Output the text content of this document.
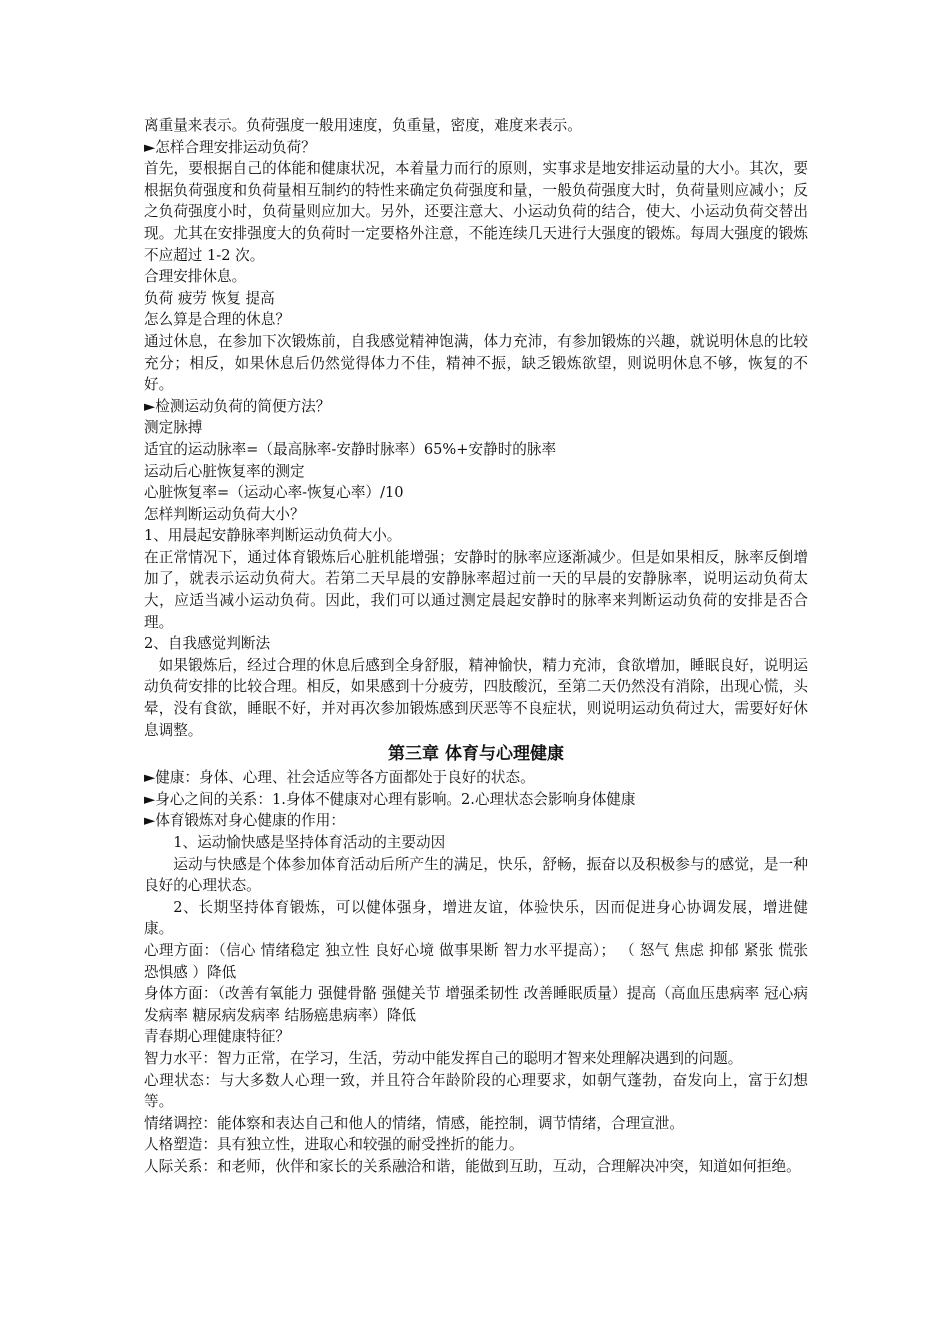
离重量来表示。负荷强度一般用速度，负重量，密度，难度来表示。

►怎样合理安排运动负荷？

首先，要根据自己的体能和健康状况，本着量力而行的原则，实事求是地安排运动量的大小。其次，要根据负荷强度和负荷量相互制约的特性来确定负荷强度和量，一般负荷强度大时，负荷量则应减小；反之负荷强度小时，负荷量则应加大。另外，还要注意大、小运动负荷的结合，使大、小运动负荷交替出现。尤其在安排强度大的负荷时一定要格外注意，不能连续几天进行大强度的锻炼。每周大强度的锻炼不应超过 1-2 次。

合理安排休息。

负荷 疲劳 恢复 提高

怎么算是合理的休息？

通过休息，在参加下次锻炼前，自我感觉精神饱满，体力充沛，有参加锻炼的兴趣，就说明休息的比较充分；相反，如果休息后仍然觉得体力不佳，精神不振，缺乏锻炼欲望，则说明休息不够，恢复的不好。

►检测运动负荷的简便方法？

测定脉搏

适宜的运动脉率=（最高脉率-安静时脉率）65%+安静时的脉率

运动后心脏恢复率的测定

心脏恢复率=（运动心率-恢复心率）/10

怎样判断运动负荷大小？

1、用晨起安静脉率判断运动负荷大小。

在正常情况下，通过体育锻炼后心脏机能增强；安静时的脉率应逐渐减少。但是如果相反，脉率反倒增加了，就表示运动负荷大。若第二天早晨的安静脉率超过前一天的早晨的安静脉率，说明运动负荷太大，应适当减小运动负荷。因此，我们可以通过测定晨起安静时的脉率来判断运动负荷的安排是否合理。

2、自我感觉判断法

如果锻炼后，经过合理的休息后感到全身舒服，精神愉快，精力充沛，食欲增加，睡眠良好，说明运动负荷安排的比较合理。相反，如果感到十分疲劳，四肢酸沉，至第二天仍然没有消除，出现心慌，头晕，没有食欲，睡眠不好，并对再次参加锻炼感到厌恶等不良症状，则说明运动负荷过大，需要好好休息调整。

第三章 体育与心理健康

►健康：身体、心理、社会适应等各方面都处于良好的状态。

►身心之间的关系：1.身体不健康对心理有影响。2.心理状态会影响身体健康

►体育锻炼对身心健康的作用：

1、运动愉快感是坚持体育活动的主要动因

运动与快感是个体参加体育活动后所产生的满足，快乐，舒畅，振奋以及积极参与的感觉，是一种良好的心理状态。

2、长期坚持体育锻炼，可以健体强身，增进友谊，体验快乐，因而促进身心协调发展，增进健康。

心理方面：（信心 情绪稳定 独立性 良好心境 做事果断 智力水平提高）； （ 怒气 焦虑 抑郁 紧张 慌张 恐惧感 ）降低

身体方面：（改善有氧能力 强健骨骼 强健关节 增强柔韧性 改善睡眠质量）提高（高血压患病率 冠心病发病率 糖尿病发病率 结肠癌患病率）降低

青春期心理健康特征？

智力水平：智力正常，在学习，生活，劳动中能发挥自己的聪明才智来处理解决遇到的问题。

心理状态：与大多数人心理一致，并且符合年龄阶段的心理要求，如朝气蓬勃，奋发向上，富于幻想等。

情绪调控：能体察和表达自己和他人的情绪，情感，能控制，调节情绪，合理宣泄。

人格塑造：具有独立性，进取心和较强的耐受挫折的能力。

人际关系：和老师，伙伴和家长的关系融洽和谐，能做到互助，互动，合理解决冲突，知道如何拒绝。
